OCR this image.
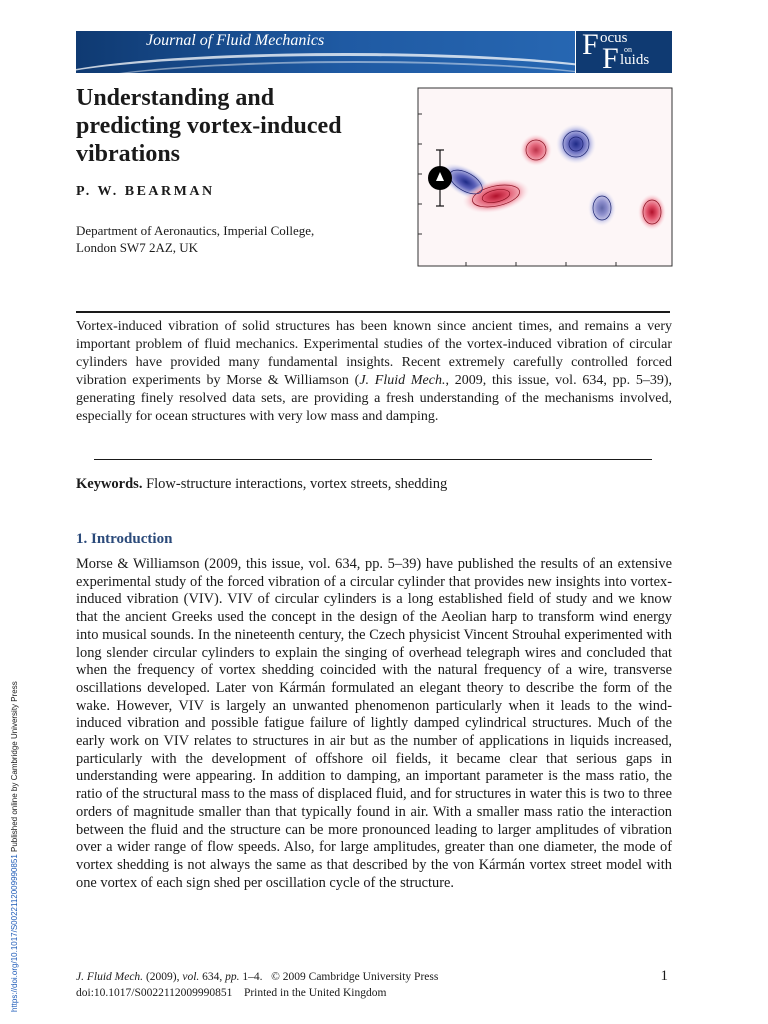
Journal of Fluid Mechanics	F ocus
on
F luids
Understanding and predicting vortex-induced vibrations
P. W. BEARMAN
Department of Aeronautics, Imperial College,
London SW7 2AZ, UK

Vortex-induced vibration of solid structures has been known since ancient times, and remains a very important problem of fluid mechanics. Experimental studies of the vortex-induced vibration of circular cylinders have provided many fundamental insights. Recent extremely carefully controlled forced vibration experiments by Morse & Williamson (J. Fluid Mech., 2009, this issue, vol. 634, pp. 5–39), generating finely resolved data sets, are providing a fresh understanding of the mechanisms involved, especially for ocean structures with very low mass and damping.

Keywords. Flow-structure interactions, vortex streets, shedding
1. Introduction

Morse & Williamson (2009, this issue, vol. 634, pp. 5–39) have published the results of an extensive experimental study of the forced vibration of a circular cylinder that provides new insights into vortex-induced vibration (VIV). VIV of circular cylinders is a long established field of study and we know that the ancient Greeks used the concept in the design of the Aeolian harp to transform wind energy into musical sounds. In the nineteenth century, the Czech physicist Vincent Strouhal experimented with long slender circular cylinders to explain the singing of overhead telegraph wires and concluded that when the frequency of vortex shedding coincided with the natural frequency of a wire, transverse oscillations developed. Later von Kármán formulated an elegant theory to describe the form of the wake. However, VIV is largely an unwanted phenomenon particularly when it leads to the wind-induced vibration and possible fatigue failure of lightly damped cylindrical structures. Much of the early work on VIV relates to structures in air but as the number of applications in liquids increased, particularly with the development of offshore oil fields, it became clear that serious gaps in understanding were appearing. In addition to damping, an important parameter is the mass ratio, the ratio of the structural mass to the mass of displaced fluid, and for structures in water this is two to three orders of magnitude smaller than that typically found in air. With a smaller mass ratio the interaction between the fluid and the structure can be more pronounced leading to larger amplitudes of vibration over a wider range of flow speeds. Also, for large amplitudes, greater than one diameter, the mode of vortex shedding is not always the same as that described by the von Kármán vortex street model with one vortex of each sign shed per oscillation cycle of the structure.

https://doi.org/10.1017/S0022112009990851 Published online by Cambridge University Press
J. Fluid Mech. (2009), vol. 634, pp. 1–4. © 2009 Cambridge University Press
doi:10.1017/S0022112009990851 Printed in the United Kingdom
1
